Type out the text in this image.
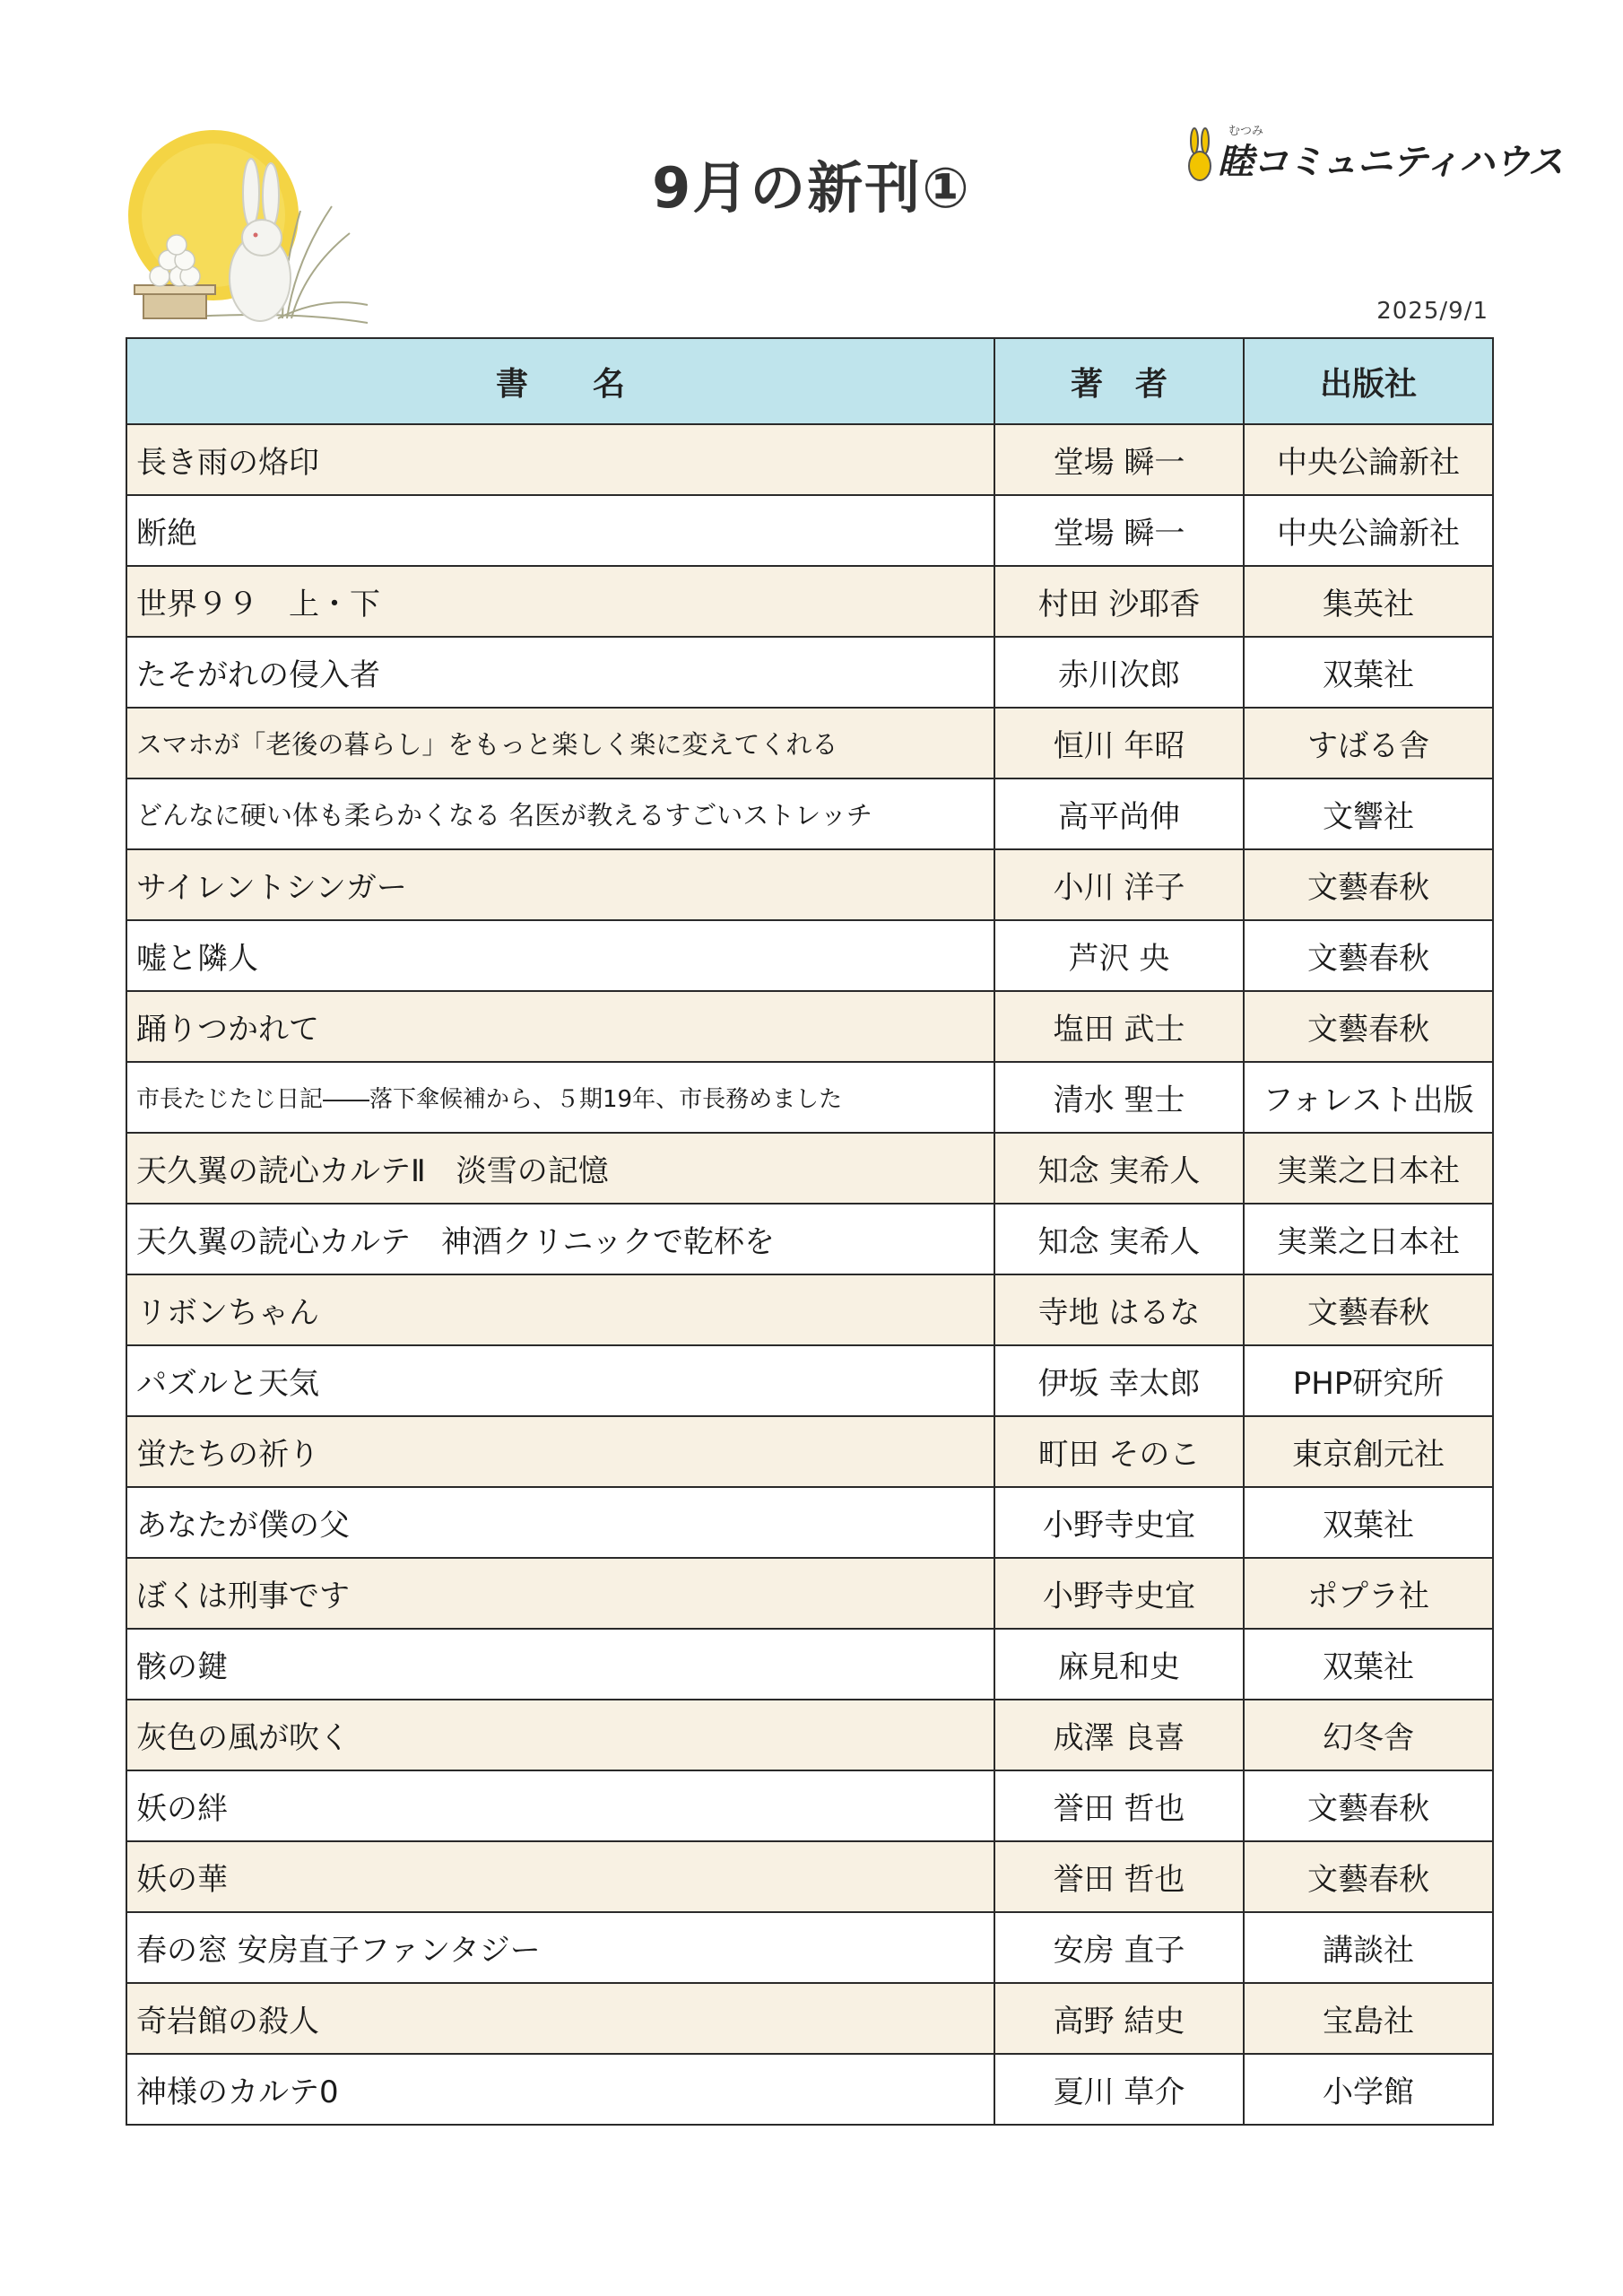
9月の新刊①
むつみ
睦コミュニティハウス
2025/9/1
書　　名	著　者	出版社
長き雨の烙印	堂場 瞬一	中央公論新社
断絶	堂場 瞬一	中央公論新社
世界９９　上・下	村田 沙耶香	集英社
たそがれの侵入者	赤川次郎	双葉社
スマホが「老後の暮らし」をもっと楽しく楽に変えてくれる	恒川 年昭	すばる舎
どんなに硬い体も柔らかくなる 名医が教えるすごいストレッチ	高平尚伸	文響社
サイレントシンガー	小川 洋子	文藝春秋
嘘と隣人	芦沢 央	文藝春秋
踊りつかれて	塩田 武士	文藝春秋
市長たじたじ日記――落下傘候補から、５期19年、市長務めました	清水 聖士	フォレスト出版
天久翼の読心カルテⅡ　淡雪の記憶	知念 実希人	実業之日本社
天久翼の読心カルテ　神酒クリニックで乾杯を	知念 実希人	実業之日本社
リボンちゃん	寺地 はるな	文藝春秋
パズルと天気	伊坂 幸太郎	PHP研究所
蛍たちの祈り	町田 そのこ	東京創元社
あなたが僕の父	小野寺史宜	双葉社
ぼくは刑事です	小野寺史宜	ポプラ社
骸の鍵	麻見和史	双葉社
灰色の風が吹く	成澤 良喜	幻冬舎
妖の絆	誉田 哲也	文藝春秋
妖の華	誉田 哲也	文藝春秋
春の窓 安房直子ファンタジー	安房 直子	講談社
奇岩館の殺人	高野 結史	宝島社
神様のカルテ0	夏川 草介	小学館
